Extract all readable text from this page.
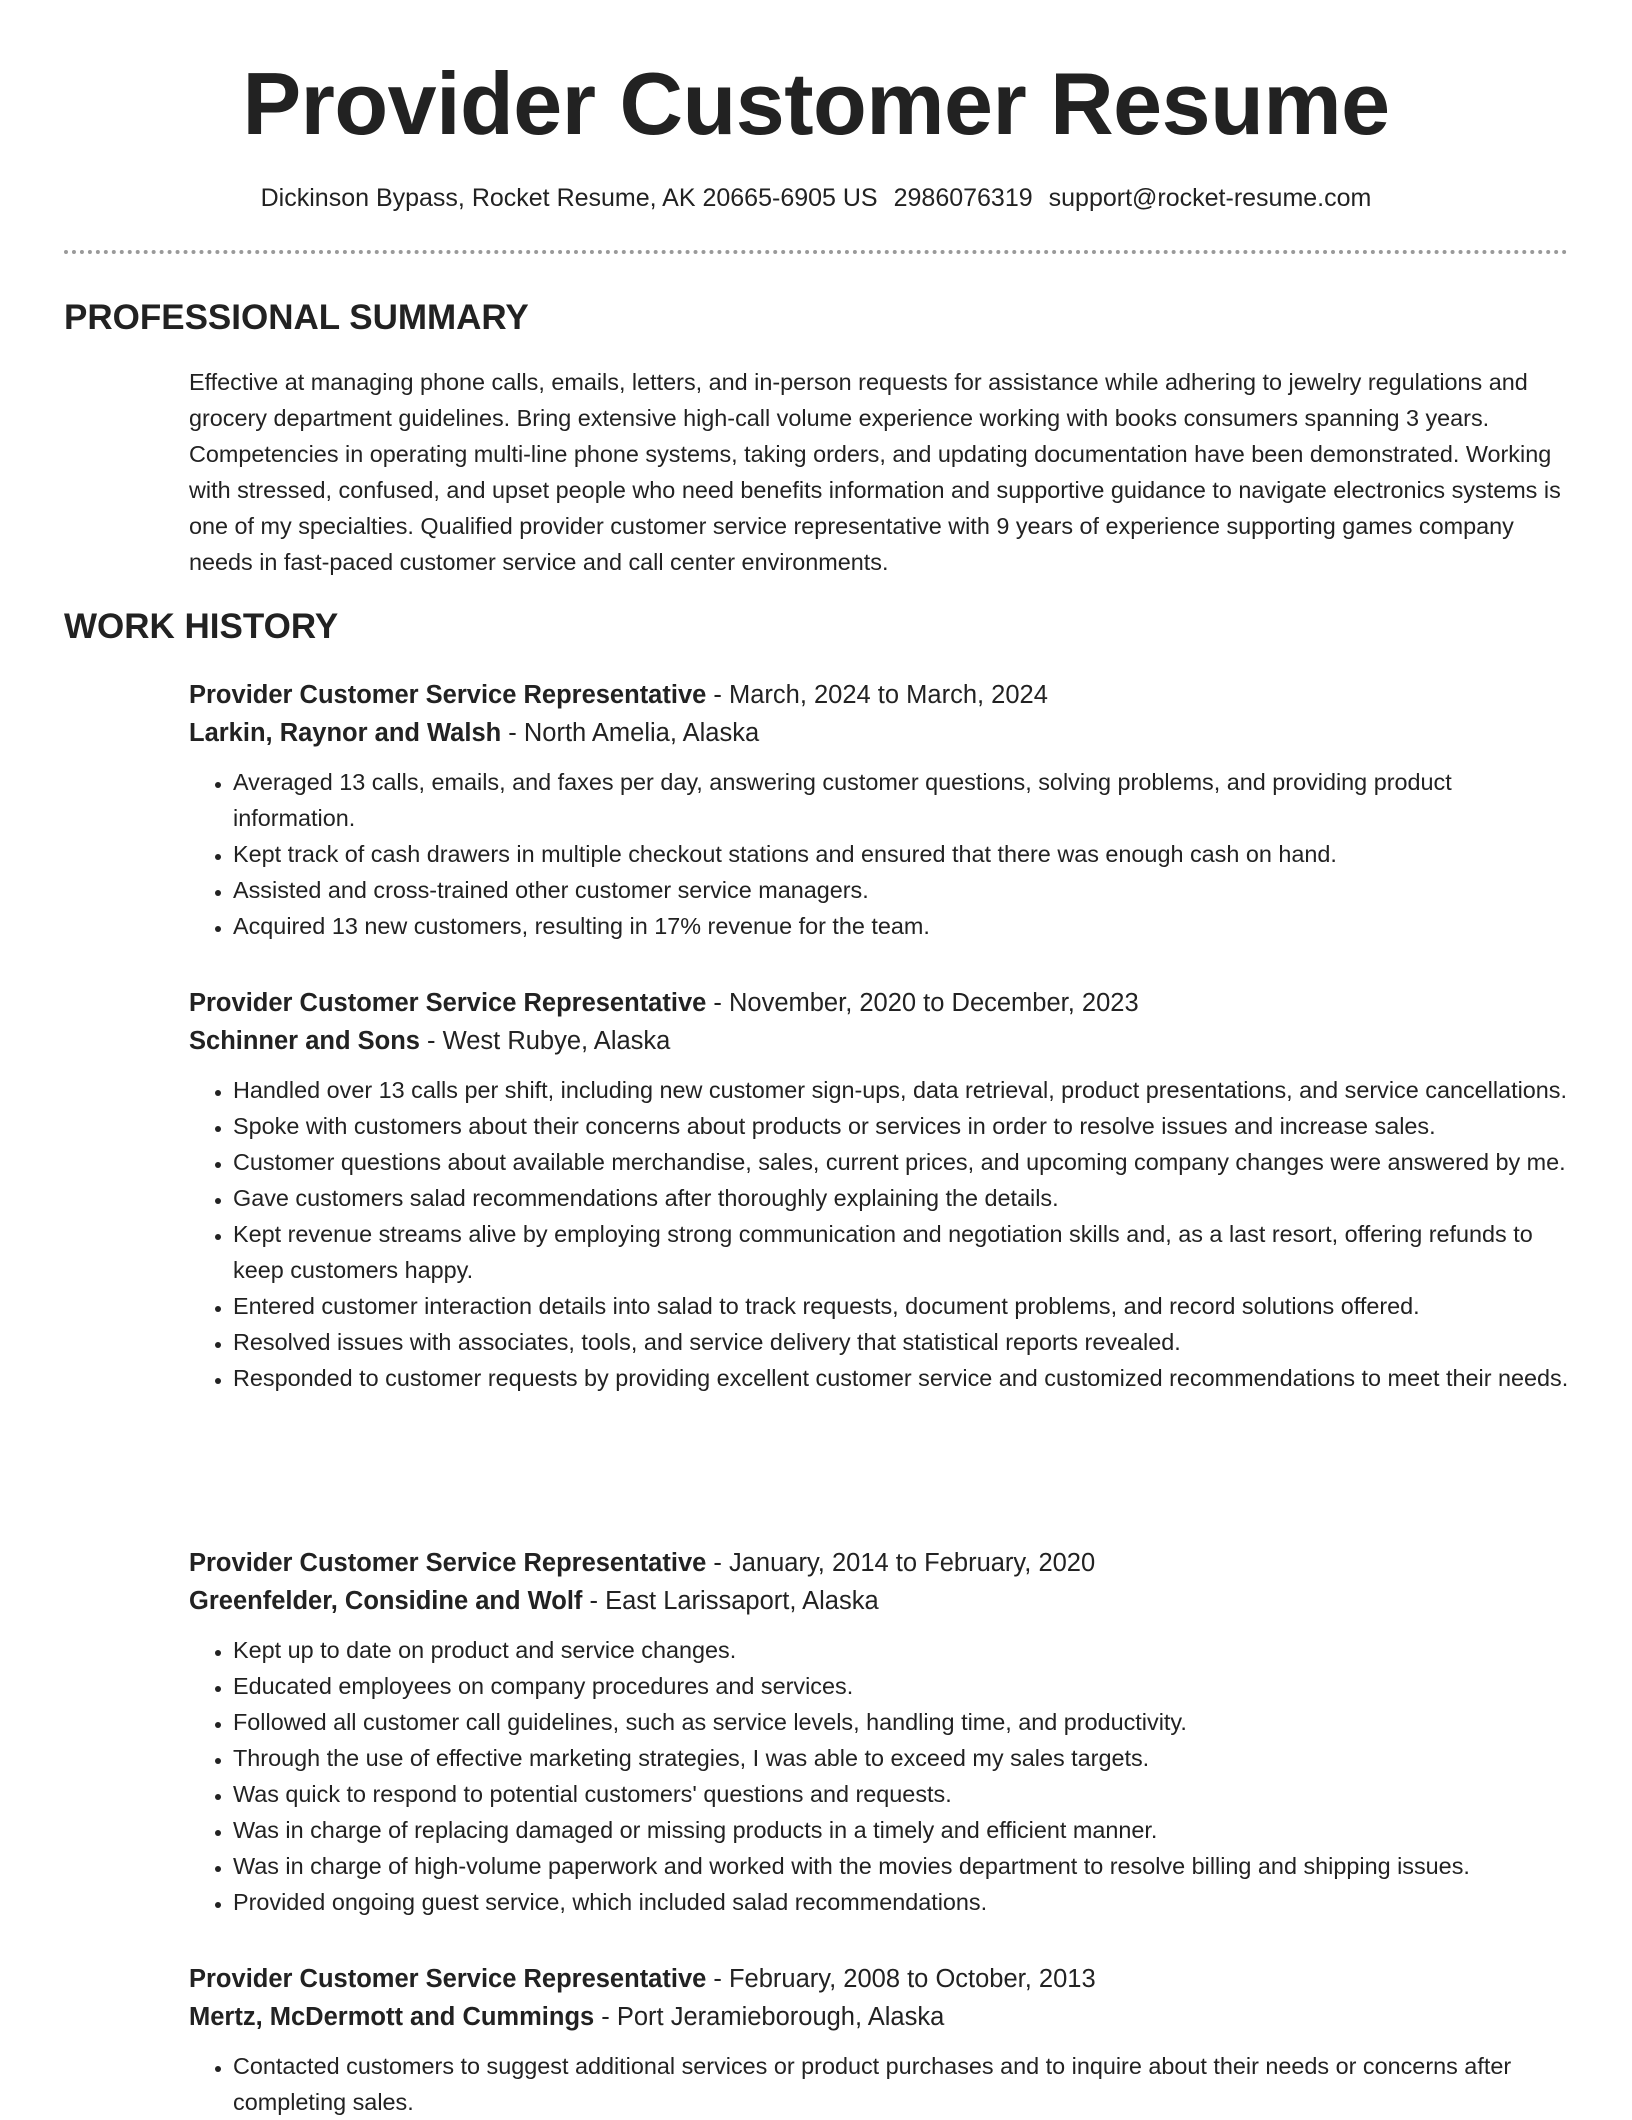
Provider Customer Resume
Dickinson Bypass, Rocket Resume, AK 20665-6905 US 2986076319 support@rocket-resume.com
PROFESSIONAL SUMMARY

Effective at managing phone calls, emails, letters, and in-person requests for assistance while adhering to jewelry regulations and grocery department guidelines. Bring extensive high-call volume experience working with books consumers spanning 3 years. Competencies in operating multi-line phone systems, taking orders, and updating documentation have been demonstrated. Working with stressed, confused, and upset people who need benefits information and supportive guidance to navigate electronics systems is one of my specialties. Qualified provider customer service representative with 9 years of experience supporting games company needs in fast-paced customer service and call center environments.

WORK HISTORY
Provider Customer Service Representative - March, 2024 to March, 2024
Larkin, Raynor and Walsh - North Amelia, Alaska
• Averaged 13 calls, emails, and faxes per day, answering customer questions, solving problems, and providing product information.
• Kept track of cash drawers in multiple checkout stations and ensured that there was enough cash on hand.
• Assisted and cross-trained other customer service managers.
• Acquired 13 new customers, resulting in 17% revenue for the team.
Provider Customer Service Representative - November, 2020 to December, 2023
Schinner and Sons - West Rubye, Alaska
• Handled over 13 calls per shift, including new customer sign-ups, data retrieval, product presentations, and service cancellations.
• Spoke with customers about their concerns about products or services in order to resolve issues and increase sales.
• Customer questions about available merchandise, sales, current prices, and upcoming company changes were answered by me.
• Gave customers salad recommendations after thoroughly explaining the details.
• Kept revenue streams alive by employing strong communication and negotiation skills and, as a last resort, offering refunds to keep customers happy.
• Entered customer interaction details into salad to track requests, document problems, and record solutions offered.
• Resolved issues with associates, tools, and service delivery that statistical reports revealed.
• Responded to customer requests by providing excellent customer service and customized recommendations to meet their needs.
Provider Customer Service Representative - January, 2014 to February, 2020
Greenfelder, Considine and Wolf - East Larissaport, Alaska
• Kept up to date on product and service changes.
• Educated employees on company procedures and services.
• Followed all customer call guidelines, such as service levels, handling time, and productivity.
• Through the use of effective marketing strategies, I was able to exceed my sales targets.
• Was quick to respond to potential customers' questions and requests.
• Was in charge of replacing damaged or missing products in a timely and efficient manner.
• Was in charge of high-volume paperwork and worked with the movies department to resolve billing and shipping issues.
• Provided ongoing guest service, which included salad recommendations.
Provider Customer Service Representative - February, 2008 to October, 2013
Mertz, McDermott and Cummings - Port Jeramieborough, Alaska
• Contacted customers to suggest additional services or product purchases and to inquire about their needs or concerns after completing sales.
